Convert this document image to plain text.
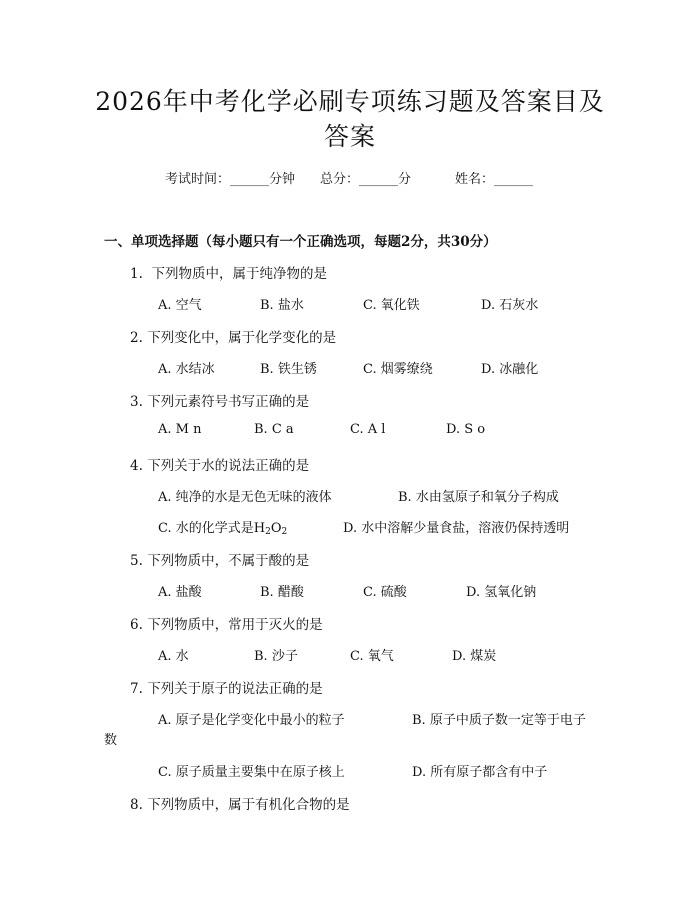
2026年中考化学必刷专项练习题及答案目及
答案
考试时间：______分钟 总分：______分	姓名：______
一、单项选择题（每小题只有一个正确选项，每题2分，共30分）
1.  下列物质中，属于纯净物的是
A. 空气	B. 盐水	C. 氧化铁	D. 石灰水
2. 下列变化中，属于化学变化的是
A. 水结冰	B. 铁生锈	C. 烟雾缭绕	D. 冰融化
3. 下列元素符号书写正确的是
A. M n	B. C a	C. A l	D. S o
4. 下列关于水的说法正确的是
A. 纯净的水是无色无味的液体	B. 水由氢原子和氧分子构成
C. 水的化学式是$H_2O_2$	D. 水中溶解少量食盐，溶液仍保持透明
5. 下列物质中，不属于酸的是
A. 盐酸	B. 醋酸	C. 硫酸	D. 氢氧化钠
6. 下列物质中，常用于灭火的是
A. 水	B. 沙子	C. 氧气	D. 煤炭
7. 下列关于原子的说法正确的是
A. 原子是化学变化中最小的粒子	B. 原子中质子数一定等于电子
数
C. 原子质量主要集中在原子核上	D. 所有原子都含有中子
8. 下列物质中，属于有机化合物的是
